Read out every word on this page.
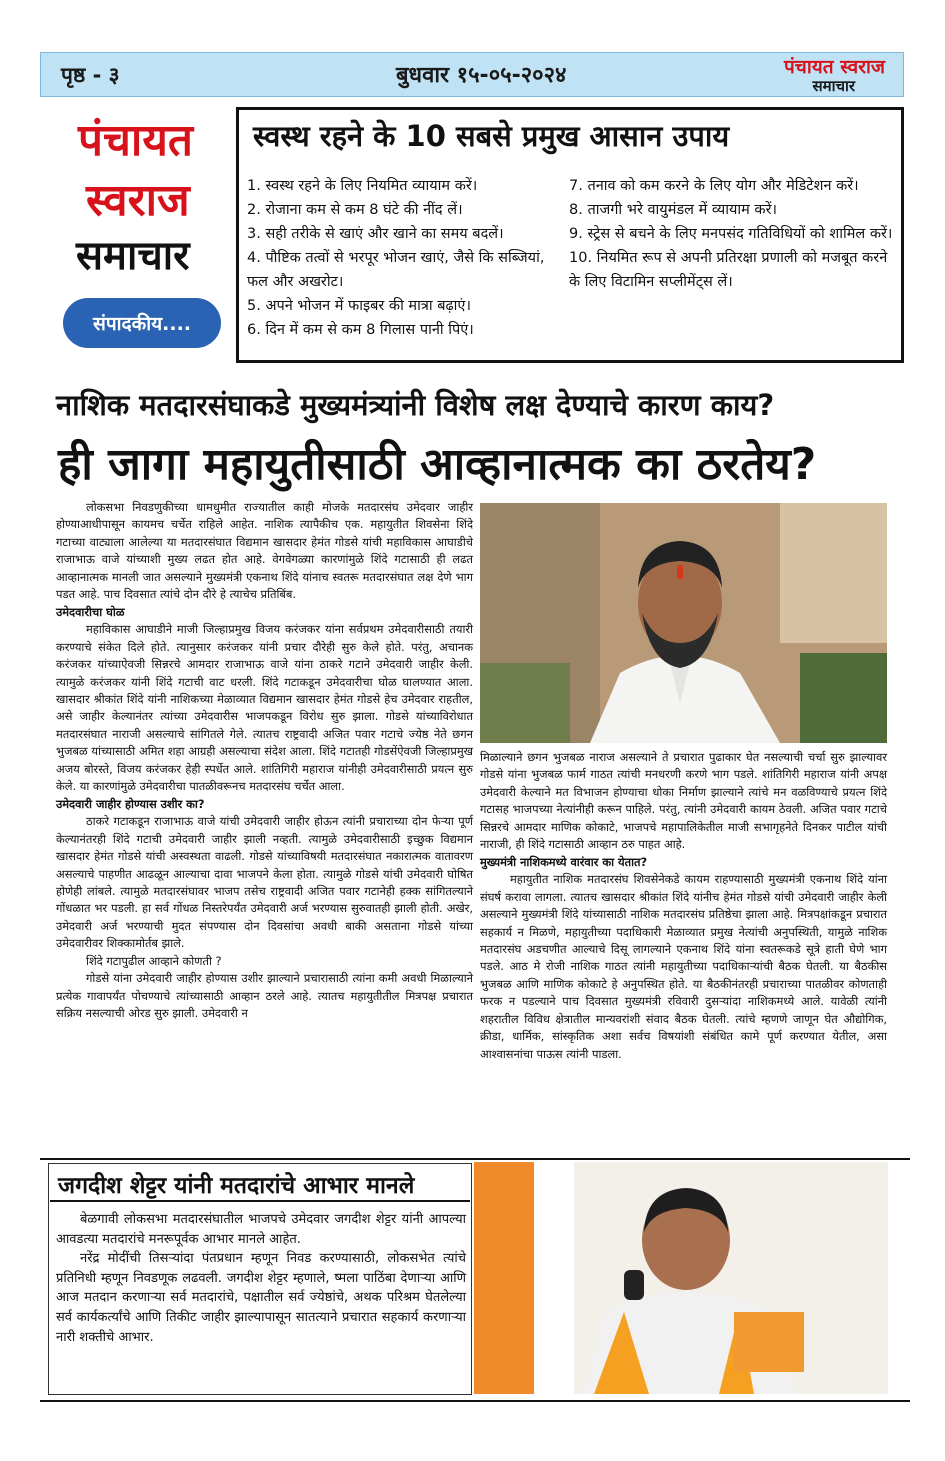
पृष्ठ - ३	बुधवार १५-०५-२०२४	पंचायत स्वराज
समाचार
पंचायत
स्वराज
समाचार
संपादकीय....
स्वस्थ रहने के 10 सबसे प्रमुख आसान उपाय
1. स्वस्थ रहने के लिए नियमित व्यायाम करें।
2. रोजाना कम से कम 8 घंटे की नींद लें।
3. सही तरीके से खाएं और खाने का समय बदलें।
4. पौष्टिक तत्वों से भरपूर भोजन खाएं, जैसे कि सब्जियां, फल और अखरोट।
5. अपने भोजन में फाइबर की मात्रा बढ़ाएं।
6. दिन में कम से कम 8 गिलास पानी पिएं।
7. तनाव को कम करने के लिए योग और मेडिटेशन करें।
8. ताजगी भरे वायुमंडल में व्यायाम करें।
9. स्ट्रेस से बचने के लिए मनपसंद गतिविधियों को शामिल करें।
10. नियमित रूप से अपनी प्रतिरक्षा प्रणाली को मजबूत करने के लिए विटामिन सप्लीमेंट्स लें।
नाशिक मतदारसंघाकडे मुख्यमंत्र्यांनी विशेष लक्ष देण्याचे कारण काय?
ही जागा महायुतीसाठी आव्हानात्मक का ठरतेय?

लोकसभा निवडणुकीच्या धामधुमीत राज्यातील काही मोजके मतदारसंघ उमेदवार जाहीर होण्याआधीपासून कायमच चर्चेत राहिले आहेत. नाशिक त्यापैकीच एक. महायुतीत शिवसेना शिंदे गटाच्या वाट्याला आलेल्या या मतदारसंघात विद्यमान खासदार हेमंत गोडसे यांची महाविकास आघाडीचे राजाभाऊ वाजे यांच्याशी मुख्य लढत होत आहे. वेगवेगळ्या कारणांमुळे शिंदे गटासाठी ही लढत आव्हानात्मक मानली जात असल्याने मुख्यमंत्री एकनाथ शिंदे यांनाच स्वतरू मतदारसंघात लक्ष देणे भाग पडत आहे. पाच दिवसात त्यांचे दोन दौरे हे त्याचेच प्रतिबिंब.

उमेदवारीचा घोळ

महाविकास आघाडीने माजी जिल्हाप्रमुख विजय करंजकर यांना सर्वप्रथम उमेदवारीसाठी तयारी करण्याचे संकेत दिले होते. त्यानुसार करंजकर यांनी प्रचार दौरेही सुरु केले होते. परंतु, अचानक करंजकर यांच्याऐवजी सिन्नरचे आमदार राजाभाऊ वाजे यांना ठाकरे गटाने उमेदवारी जाहीर केली. त्यामुळे करंजकर यांनी शिंदे गटाची वाट धरली. शिंदे गटाकडून उमेदवारीचा घोळ घालण्यात आला. खासदार श्रीकांत शिंदे यांनी नाशिकच्या मेळाव्यात विद्यमान खासदार हेमंत गोडसे हेच उमेदवार राहतील, असे जाहीर केल्यानंतर त्यांच्या उमेदवारीस भाजपकडून विरोध सुरु झाला. गोडसे यांच्याविरोधात मतदारसंघात नाराजी असल्याचे सांगितले गेले. त्यातच राष्ट्रवादी अजित पवार गटाचे ज्येष्ठ नेते छगन भुजबळ यांच्यासाठी अमित शहा आग्रही असल्याचा संदेश आला. शिंदे गटातही गोडसेंऐवजी जिल्हाप्रमुख अजय बोरस्ते, विजय करंजकर हेही स्पर्धेत आले. शांतिगिरी महाराज यांनीही उमेदवारीसाठी प्रयत्न सुरु केले. या कारणांमुळे उमेदवारीचा पातळीवरूनच मतदारसंघ चर्चेत आला.

उमेदवारी जाहीर होण्यास उशीर का?

ठाकरे गटाकडून राजाभाऊ वाजे यांची उमेदवारी जाहीर होऊन त्यांनी प्रचाराच्या दोन फेऱ्या पूर्ण केल्यानंतरही शिंदे गटाची उमेदवारी जाहीर झाली नव्हती. त्यामुळे उमेदवारीसाठी इच्छुक विद्यमान खासदार हेमंत गोडसे यांची अस्वस्थता वाढली. गोडसे यांच्याविषयी मतदारसंघात नकारात्मक वातावरण असल्याचे पाहणीत आढळून आल्याचा दावा भाजपने केला होता. त्यामुळे गोडसे यांची उमेदवारी घोषित होणेही लांबले. त्यामुळे मतदारसंघावर भाजप तसेच राष्ट्रवादी अजित पवार गटानेही हक्क सांगितल्याने गोंधळात भर पडली. हा सर्व गोंधळ निस्तरेपर्यंत उमेदवारी अर्ज भरण्यास सुरुवातही झाली होती. अखेर, उमेदवारी अर्ज भरण्याची मुदत संपण्यास दोन दिवसांचा अवधी बाकी असताना गोडसे यांच्या उमेदवारीवर शिक्कामोर्तब झाले.

शिंदे गटापुढील आव्हाने कोणती ?

गोडसे यांना उमेदवारी जाहीर होण्यास उशीर झाल्याने प्रचारासाठी त्यांना कमी अवधी मिळाल्याने प्रत्येक गावापर्यंत पोचण्याचे त्यांच्यासाठी आव्हान ठरले आहे. त्यातच महायुतीतील मित्रपक्ष प्रचारात सक्रिय नसल्याची ओरड सुरु झाली. उमेदवारी न

मिळाल्याने छगन भुजबळ नाराज असल्याने ते प्रचारात पुढाकार घेत नसल्याची चर्चा सुरु झाल्यावर गोडसे यांना भुजबळ फार्म गाठत त्यांची मनधरणी करणे भाग पडले. शांतिगिरी महाराज यांनी अपक्ष उमेदवारी केल्याने मत विभाजन होण्याचा धोका निर्माण झाल्याने त्यांचे मन वळविण्याचे प्रयत्न शिंदे गटासह भाजपच्या नेत्यांनीही करून पाहिले. परंतु, त्यांनी उमेदवारी कायम ठेवली. अजित पवार गटाचे सिन्नरचे आमदार माणिक कोकाटे, भाजपचे महापालिकेतील माजी सभागृहनेते दिनकर पाटील यांची नाराजी, ही शिंदे गटासाठी आव्हान ठरु पाहत आहे.

मुख्यमंत्री नाशिकमध्ये वारंवार का येतात?

महायुतीत नाशिक मतदारसंघ शिवसेनेकडे कायम राहण्यासाठी मुख्यमंत्री एकनाथ शिंदे यांना संघर्ष करावा लागला. त्यातच खासदार श्रीकांत शिंदे यांनीच हेमंत गोडसे यांची उमेदवारी जाहीर केली असल्याने मुख्यमंत्री शिंदे यांच्यासाठी नाशिक मतदारसंघ प्रतिष्ठेचा झाला आहे. मित्रपक्षांकडून प्रचारात सहकार्य न मिळणे, महायुतीच्या पदाधिकारी मेळाव्यात प्रमुख नेत्यांची अनुपस्थिती, यामुळे नाशिक मतदारसंघ अडचणीत आल्याचे दिसू लागल्याने एकनाथ शिंदे यांना स्वतरूकडे सूत्रे हाती घेणे भाग पडले. आठ मे रोजी नाशिक गाठत त्यांनी महायुतीच्या पदाधिकाऱ्यांची बैठक घेतली. या बैठकीस भुजबळ आणि माणिक कोकाटे हे अनुपस्थित होते. या बैठकीनंतरही प्रचाराच्या पातळीवर कोणताही फरक न पडल्याने पाच दिवसात मुख्यमंत्री रविवारी दुसऱ्यांदा नाशिकमध्ये आले. यावेळी त्यांनी शहरातील विविध क्षेत्रातील मान्यवरांशी संवाद बैठक घेतली. त्यांचे म्हणणे जाणून घेत औद्योगिक, क्रीडा, धार्मिक, सांस्कृतिक अशा सर्वच विषयांशी संबंधित कामे पूर्ण करण्यात येतील, असा आश्वासनांचा पाऊस त्यांनी पाडला.

जगदीश शेट्टर यांनी मतदारांचे आभार मानले

बेळगावी लोकसभा मतदारसंघातील भाजपचे उमेदवार जगदीश शेट्टर यांनी आपल्या आवडत्या मतदारांचे मनरूपूर्वक आभार मानले आहेत.

नरेंद्र मोदींची तिसऱ्यांदा पंतप्रधान म्हणून निवड करण्यासाठी, लोकसभेत त्यांचे प्रतिनिधी म्हणून निवडणूक लढवली. जगदीश शेट्टर म्हणाले, ष्मला पाठिंबा देणाऱ्या आणि आज मतदान करणाऱ्या सर्व मतदारांचे, पक्षातील सर्व ज्येष्ठांचे, अथक परिश्रम घेतलेल्या सर्व कार्यकर्त्यांचे आणि तिकीट जाहीर झाल्यापासून सातत्याने प्रचारात सहकार्य करणाऱ्या नारी शक्तीचे आभार.
